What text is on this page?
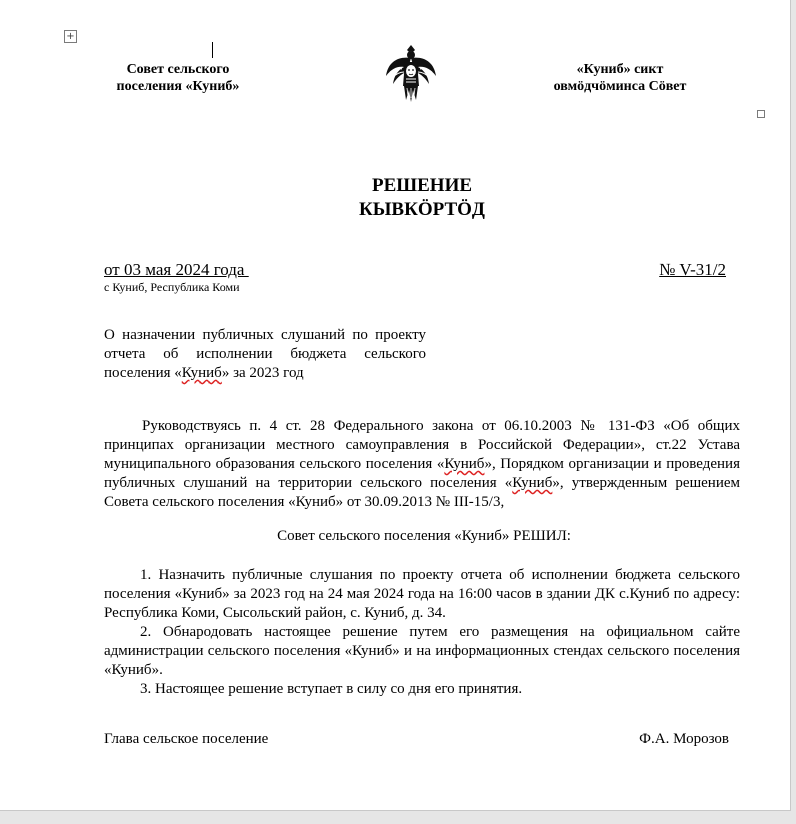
+
Совет сельского
поселения «Куниб»
«Куниб» сикт
овмӧдчӧминса Сӧвет
РЕШЕНИЕ
КЫВКӦРТӦД
от 03 мая 2024 года
с Куниб, Республика Коми
№ V-31/2
О назначении публичных слушаний по проекту отчета об исполнении бюджета сельского поселения «Куниб» за 2023 год
Руководствуясь п. 4 ст. 28 Федерального закона от 06.10.2003 № 131-ФЗ «Об общих принципах организации местного самоуправления в Российской Федерации», ст.22 Устава муниципального образования сельского поселения «Куниб», Порядком организации и проведения публичных слушаний на территории сельского поселения «Куниб», утвержденным решением Совета сельского поселения «Куниб» от 30.09.2013 № III-15/3,
Совет сельского поселения «Куниб» РЕШИЛ:

1. Назначить публичные слушания по проекту отчета об исполнении бюджета сельского поселения «Куниб» за 2023 год на 24 мая 2024 года на 16:00 часов в здании ДК с.Куниб по адресу: Республика Коми, Сысольский район, с. Куниб, д. 34.

2. Обнародовать настоящее решение путем его размещения на официальном сайте администрации сельского поселения «Куниб» и на информационных стендах сельского поселения «Куниб».

3. Настоящее решение вступает в силу со дня его принятия.

Глава сельское поселение	Ф.А. Морозов
